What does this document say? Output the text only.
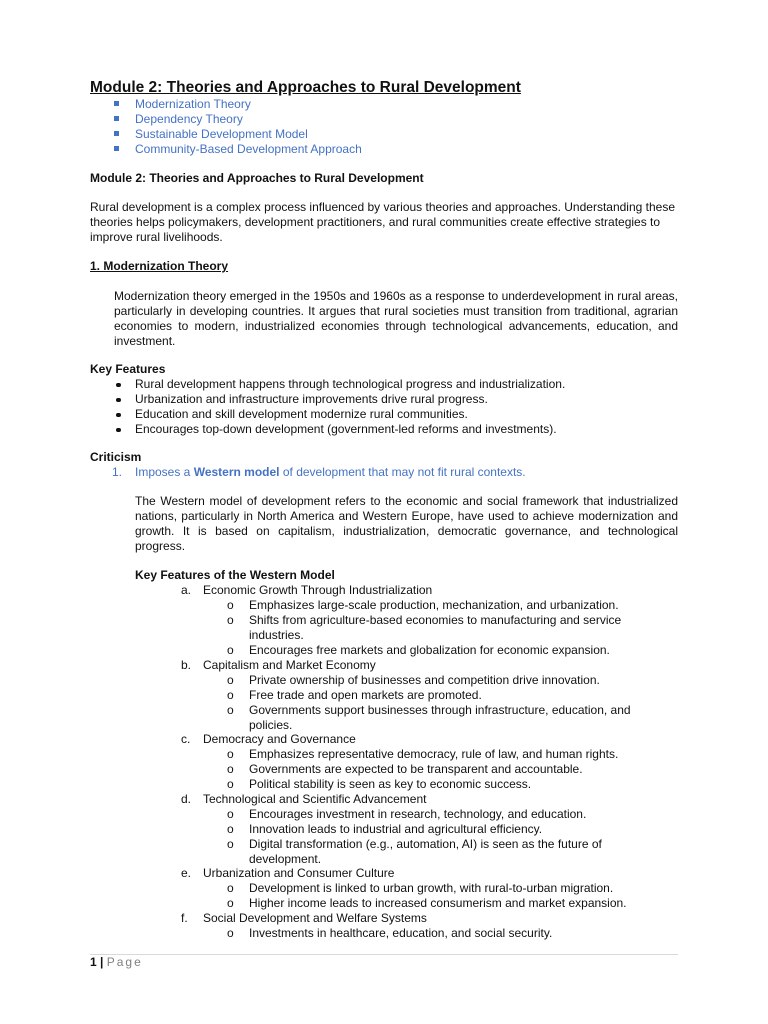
Module 2: Theories and Approaches to Rural Development
Modernization Theory
Dependency Theory
Sustainable Development Model
Community-Based Development Approach

Module 2: Theories and Approaches to Rural Development

Rural development is a complex process influenced by various theories and approaches. Understanding these theories helps policymakers, development practitioners, and rural communities create effective strategies to improve rural livelihoods.

1. Modernization Theory

Modernization theory emerged in the 1950s and 1960s as a response to underdevelopment in rural areas, particularly in developing countries. It argues that rural societies must transition from traditional, agrarian economies to modern, industrialized economies through technological advancements, education, and investment.

Key Features

Rural development happens through technological progress and industrialization.
Urbanization and infrastructure improvements drive rural progress.
Education and skill development modernize rural communities.
Encourages top-down development (government-led reforms and investments).

Criticism

1. Imposes a Western model of development that may not fit rural contexts.

The Western model of development refers to the economic and social framework that industrialized nations, particularly in North America and Western Europe, have used to achieve modernization and growth. It is based on capitalism, industrialization, democratic governance, and technological progress.

Key Features of the Western Model

a. Economic Growth Through Industrialization
o Emphasizes large-scale production, mechanization, and urbanization.
o Shifts from agriculture-based economies to manufacturing and service industries.
o Encourages free markets and globalization for economic expansion.
b. Capitalism and Market Economy
o Private ownership of businesses and competition drive innovation.
o Free trade and open markets are promoted.
o Governments support businesses through infrastructure, education, and policies.
c.	Democracy and Governance
o Emphasizes representative democracy, rule of law, and human rights.
o Governments are expected to be transparent and accountable.
o Political stability is seen as key to economic success.
d. Technological and Scientific Advancement
o Encourages investment in research, technology, and education.
o Innovation leads to industrial and agricultural efficiency.
o Digital transformation (e.g., automation, AI) is seen as the future of development.
e. Urbanization and Consumer Culture
o Development is linked to urban growth, with rural-to-urban migration.
o Higher income leads to increased consumerism and market expansion.
f.	Social Development and Welfare Systems
o Investments in healthcare, education, and social security.
1 | Page
